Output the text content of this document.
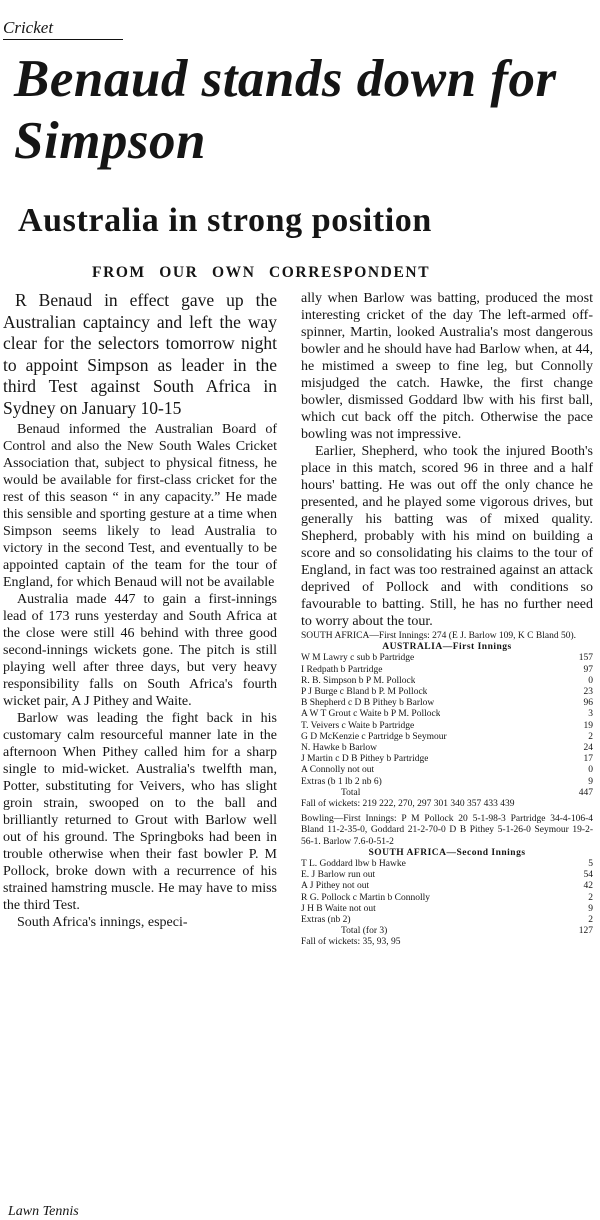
Cricket
Benaud stands down for Simpson
Australia in strong position
FROM OUR OWN CORRESPONDENT

R Benaud in effect gave up the Australian captaincy and left the way clear for the selectors tomorrow night to appoint Simpson as leader in the third Test against South Africa in Sydney on January 10-15

Benaud informed the Australian Board of Control and also the New South Wales Cricket Association that, subject to physical fitness, he would be available for first-class cricket for the rest of this season “ in any capacity.” He made this sensible and sporting gesture at a time when Simpson seems likely to lead Australia to victory in the second Test, and eventually to be appointed captain of the team for the tour of England, for which Benaud will not be available

Australia made 447 to gain a first-innings lead of 173 runs yesterday and South Africa at the close were still 46 behind with three good second-innings wickets gone. The pitch is still playing well after three days, but very heavy responsibility falls on South Africa's fourth wicket pair, A J Pithey and Waite.

Barlow was leading the fight back in his customary calm resourceful manner late in the afternoon When Pithey called him for a sharp single to mid-wicket. Australia's twelfth man, Potter, substituting for Veivers, who has slight groin strain, swooped on to the ball and brilliantly returned to Grout with Barlow well out of his ground. The Springboks had been in trouble otherwise when their fast bowler P. M Pollock, broke down with a recurrence of his strained hamstring muscle. He may have to miss the third Test.

South Africa's innings, especi-

ally when Barlow was batting, produced the most interesting cricket of the day The left-armed off-spinner, Martin, looked Australia's most dangerous bowler and he should have had Barlow when, at 44, he mistimed a sweep to fine leg, but Connolly misjudged the catch. Hawke, the first change bowler, dismissed Goddard lbw with his first ball, which cut back off the pitch. Otherwise the pace bowling was not impressive.

Earlier, Shepherd, who took the injured Booth's place in this match, scored 96 in three and a half hours' batting. He was out off the only chance he presented, and he played some vigorous drives, but generally his batting was of mixed quality. Shepherd, probably with his mind on building a score and so consolidating his claims to the tour of England, in fact was too restrained against an attack deprived of Pollock and with conditions so favourable to batting. Still, he has no further need to worry about the tour.

SOUTH AFRICA—First Innings: 274 (E J. Barlow 109, K C Bland 50).
AUSTRALIA—First Innings
W M Lawry c sub b Partridge	157
I Redpath b Partridge	97
R. B. Simpson b P M. Pollock	0
P J Burge c Bland b P. M Pollock	23
B Shepherd c D B Pithey b Barlow	96
A W T Grout c Waite b P M. Pollock	3
T. Veivers c Waite b Partridge	19
G D McKenzie c Partridge b Seymour	2
N. Hawke b Barlow	24
J Martin c D B Pithey b Partridge	17
A Connolly not out	0
Extras (b 1 lb 2 nb 6)	9
Total	447
Fall of wickets: 219 222, 270, 297 301 340 357 433 439
Bowling—First Innings: P M Pollock 20 5-1-98-3 Partridge 34-4-106-4 Bland 11-2-35-0, Goddard 21-2-70-0 D B Pithey 5-1-26-0 Seymour 19-2-56-1. Barlow 7.6-0-51-2
SOUTH AFRICA—Second Innings
T L. Goddard lbw b Hawke	5
E. J Barlow run out	54
A J Pithey not out	42
R G. Pollock c Martin b Connolly	2
J H B Waite not out	9
Extras (nb 2)	2
Total (for 3)	127
Fall of wickets: 35, 93, 95
Lawn Tennis
